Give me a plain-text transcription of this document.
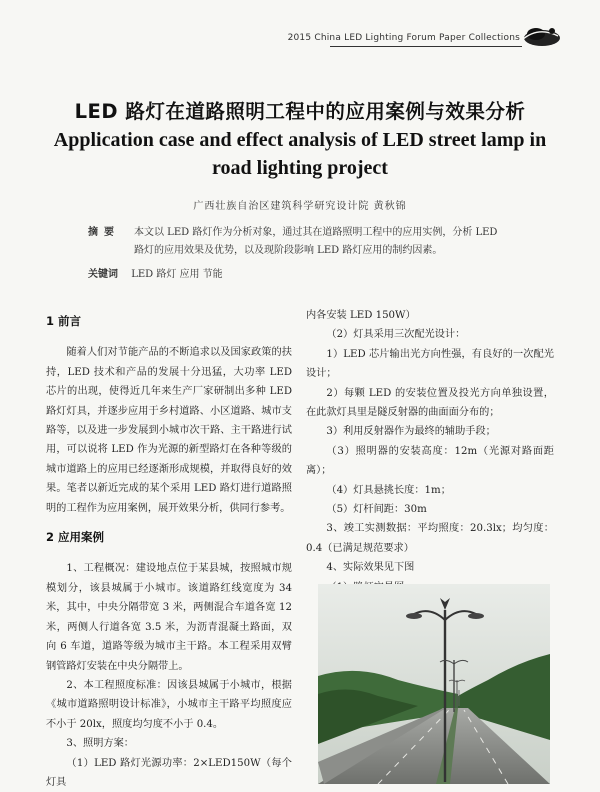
2015 China LED Lighting Forum Paper Collections
LED 路灯在道路照明工程中的应用案例与效果分析
Application case and effect analysis of LED street lamp in
road lighting project
广西壮族自治区建筑科学研究设计院 黄秋锦
摘要 本文以 LED 路灯作为分析对象，通过其在道路照明工程中的应用实例，分析 LED
路灯的应用效果及优势，以及现阶段影响 LED 路灯应用的制约因素。
关键词 LED 路灯 应用 节能
1 前言

随着人们对节能产品的不断追求以及国家政策的扶持，LED 技术和产品的发展十分迅猛，大功率 LED 芯片的出现，使得近几年来生产厂家研制出多种 LED 路灯灯具，并逐步应用于乡村道路、小区道路、城市支路等，以及进一步发展到小城市次干路、主干路进行试用，可以说将 LED 作为光源的新型路灯在各种等级的城市道路上的应用已经逐渐形成规模，并取得良好的效果。笔者以新近完成的某个采用 LED 路灯进行道路照明的工程作为应用案例，展开效果分析，供同行参考。

2 应用案例

1、工程概况：建设地点位于某县城，按照城市规模划分，该县城属于小城市。该道路红线宽度为 34 米，其中，中央分隔带宽 3 米，两侧混合车道各宽 12 米，两侧人行道各宽 3.5 米，为沥青混凝土路面，双向 6 车道，道路等级为城市主干路。本工程采用双臂钢管路灯安装在中央分隔带上。

2、本工程照度标准：因该县城属于小城市，根据《城市道路照明设计标准》，小城市主干路平均照度应不小于 20lx，照度均匀度不小于 0.4。

3、照明方案：

（1）LED 路灯光源功率：2×LED150W（每个灯具

内各安装 LED 150W）

（2）灯具采用三次配光设计：

1）LED 芯片输出光方向性强，有良好的一次配光设计；

2）每颗 LED 的安装位置及投光方向单独设置，在此款灯具里是隧反射器的曲面面分布的；

3）利用反射器作为最终的辅助手段；

（3）照明器的安装高度：12m（光源对路面距离）；

（4）灯具悬挑长度：1m；

（5）灯杆间距：30m

3、竣工实测数据：平均照度：20.3lx；均匀度：0.4（已满足规范要求）

4、实际效果见下图
